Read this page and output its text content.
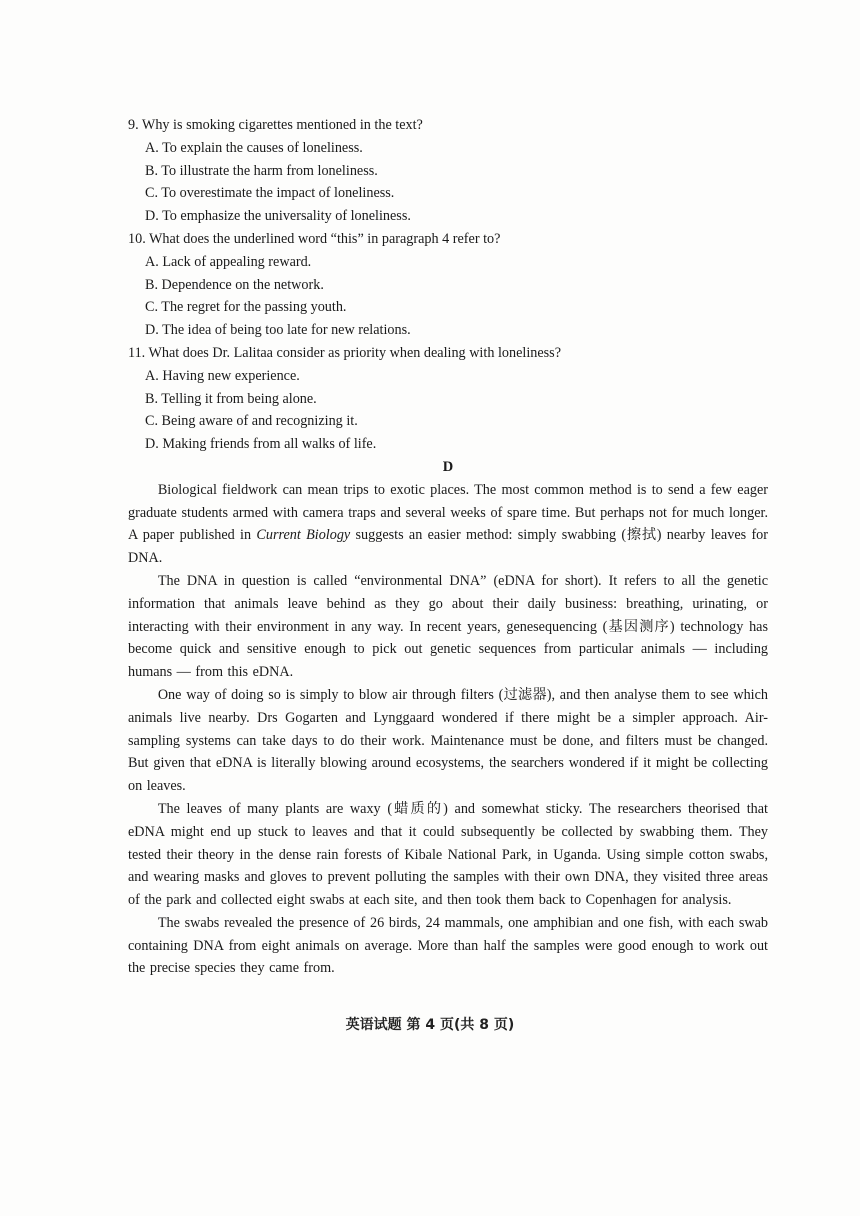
9. Why is smoking cigarettes mentioned in the text?

A. To explain the causes of loneliness.

B. To illustrate the harm from loneliness.

C. To overestimate the impact of loneliness.

D. To emphasize the universality of loneliness.

10. What does the underlined word “this” in paragraph 4 refer to?

A. Lack of appealing reward.

B. Dependence on the network.

C. The regret for the passing youth.

D. The idea of being too late for new relations.

11. What does Dr. Lalitaa consider as priority when dealing with loneliness?

A. Having new experience.

B. Telling it from being alone.

C. Being aware of and recognizing it.

D. Making friends from all walks of life.

D

Biological fieldwork can mean trips to exotic places. The most common method is to send a few eager graduate students armed with camera traps and several weeks of spare time. But perhaps not for much longer. A paper published in Current Biology suggests an easier method: simply swabbing (擦拭) nearby leaves for DNA.

The DNA in question is called “environmental DNA” (eDNA for short). It refers to all the genetic information that animals leave behind as they go about their daily business: breathing, urinating, or interacting with their environment in any way. In recent years, genesequencing (基因测序) technology has become quick and sensitive enough to pick out genetic sequences from particular animals — including humans — from this eDNA.

One way of doing so is simply to blow air through filters (过滤器), and then analyse them to see which animals live nearby. Drs Gogarten and Lynggaard wondered if there might be a simpler approach. Air-sampling systems can take days to do their work. Maintenance must be done, and filters must be changed. But given that eDNA is literally blowing around ecosystems, the searchers wondered if it might be collecting on leaves.

The leaves of many plants are waxy (蜡质的) and somewhat sticky. The researchers theorised that eDNA might end up stuck to leaves and that it could subsequently be collected by swabbing them. They tested their theory in the dense rain forests of Kibale National Park, in Uganda. Using simple cotton swabs, and wearing masks and gloves to prevent polluting the samples with their own DNA, they visited three areas of the park and collected eight swabs at each site, and then took them back to Copenhagen for analysis.

The swabs revealed the presence of 26 birds, 24 mammals, one amphibian and one fish, with each swab containing DNA from eight animals on average. More than half the samples were good enough to work out the precise species they came from.

英语试题 第 4 页(共 8 页)
